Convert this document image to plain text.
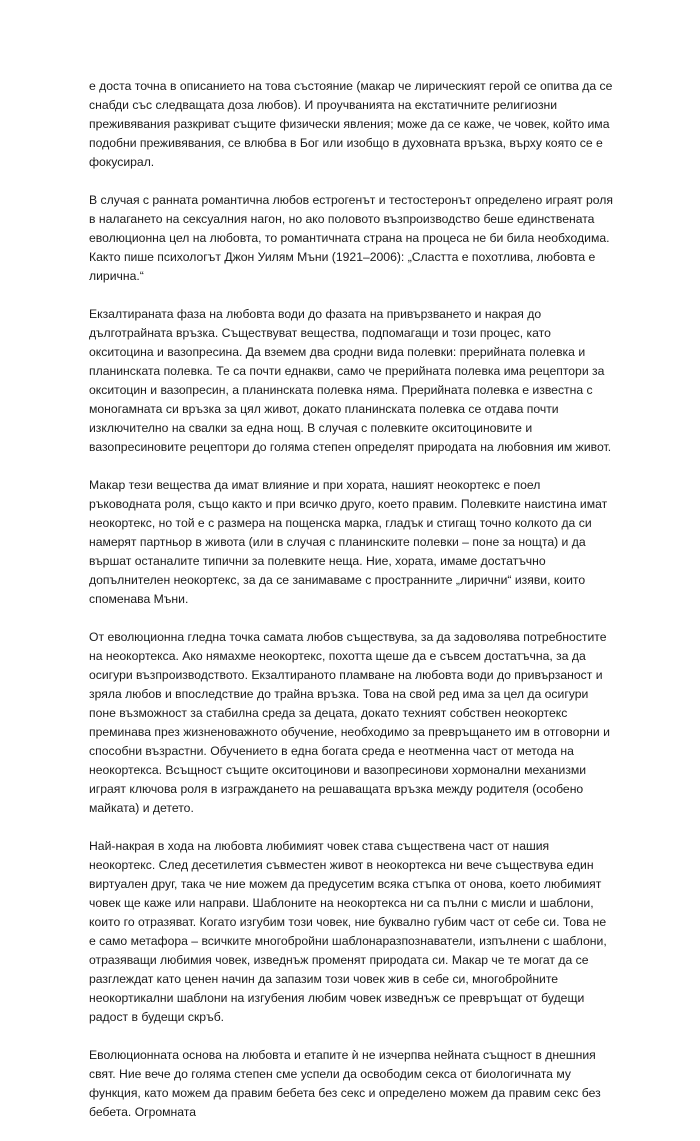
е доста точна в описанието на това състояние (макар че лирическият герой се опитва да се снабди със следващата доза любов). И проучванията на екстатичните религиозни преживявания разкриват същите физически явления; може да се каже, че човек, който има подобни преживявания, се влюбва в Бог или изобщо в духовната връзка, върху която се е фокусирал.

В случая с ранната романтична любов естрогенът и тестостеронът определено играят роля в налагането на сексуалния нагон, но ако половото възпроизводство беше единствената еволюционна цел на любовта, то романтичната страна на процеса не би била необходима. Както пише психологът Джон Уилям Мъни (1921–2006): „Сластта е похотлива, любовта е лирична.“

Екзалтираната фаза на любовта води до фазата на привързването и накрая до дълготрайната връзка. Съществуват вещества, подпомагащи и този процес, като окситоцина и вазопресина. Да вземем два сродни вида полевки: прерийната полевка и планинската полевка. Те са почти еднакви, само че прерийната полевка има рецептори за окситоцин и вазопресин, а планинската полевка няма. Прерийната полевка е известна с моногамната си връзка за цял живот, докато планинската полевка се отдава почти изключително на свалки за една нощ. В случая с полевките окситоциновите и вазопресиновите рецептори до голяма степен определят природата на любовния им живот.

Макар тези вещества да имат влияние и при хората, нашият неокортекс е поел ръководната роля, също както и при всичко друго, което правим. Полевките наистина имат неокортекс, но той е с размера на пощенска марка, гладък и стигащ точно колкото да си намерят партньор в живота (или в случая с планинските полевки – поне за нощта) и да вършат останалите типични за полевките неща. Ние, хората, имаме достатъчно допълнителен неокортекс, за да се занимаваме с пространните „лирични“ изяви, които споменава Мъни.

От еволюционна гледна точка самата любов съществува, за да задоволява потребностите на неокортекса. Ако нямахме неокортекс, похотта щеше да е съвсем достатъчна, за да осигури възпроизводството. Екзалтираното пламване на любовта води до привързаност и зряла любов и впоследствие до трайна връзка. Това на свой ред има за цел да осигури поне възможност за стабилна среда за децата, докато техният собствен неокортекс преминава през жизненоважното обучение, необходимо за превръщането им в отговорни и способни възрастни. Обучението в една богата среда е неотменна част от метода на неокортекса. Всъщност същите окситоцинови и вазопресинови хормонални механизми играят ключова роля в изграждането на решаващата връзка между родителя (особено майката) и детето.

Най-накрая в хода на любовта любимият човек става съществена част от нашия неокортекс. След десетилетия съвместен живот в неокортекса ни вече съществува един виртуален друг, така че ние можем да предусетим всяка стъпка от онова, което любимият човек ще каже или направи. Шаблоните на неокортекса ни са пълни с мисли и шаблони, които го отразяват. Когато изгубим този човек, ние буквално губим част от себе си. Това не е само метафора – всичките многобройни шаблонаразпознаватели, изпълнени с шаблони, отразяващи любимия човек, изведнъж променят природата си. Макар че те могат да се разглеждат като ценен начин да запазим този човек жив в себе си, многобройните неокортикални шаблони на изгубения любим човек изведнъж се превръщат от будещи радост в будещи скръб.

Еволюционната основа на любовта и етапите ѝ не изчерпва нейната същност в днешния свят. Ние вече до голяма степен сме успели да освободим секса от биологичната му функция, като можем да правим бебета без секс и определено можем да правим секс без бебета. Огромната
